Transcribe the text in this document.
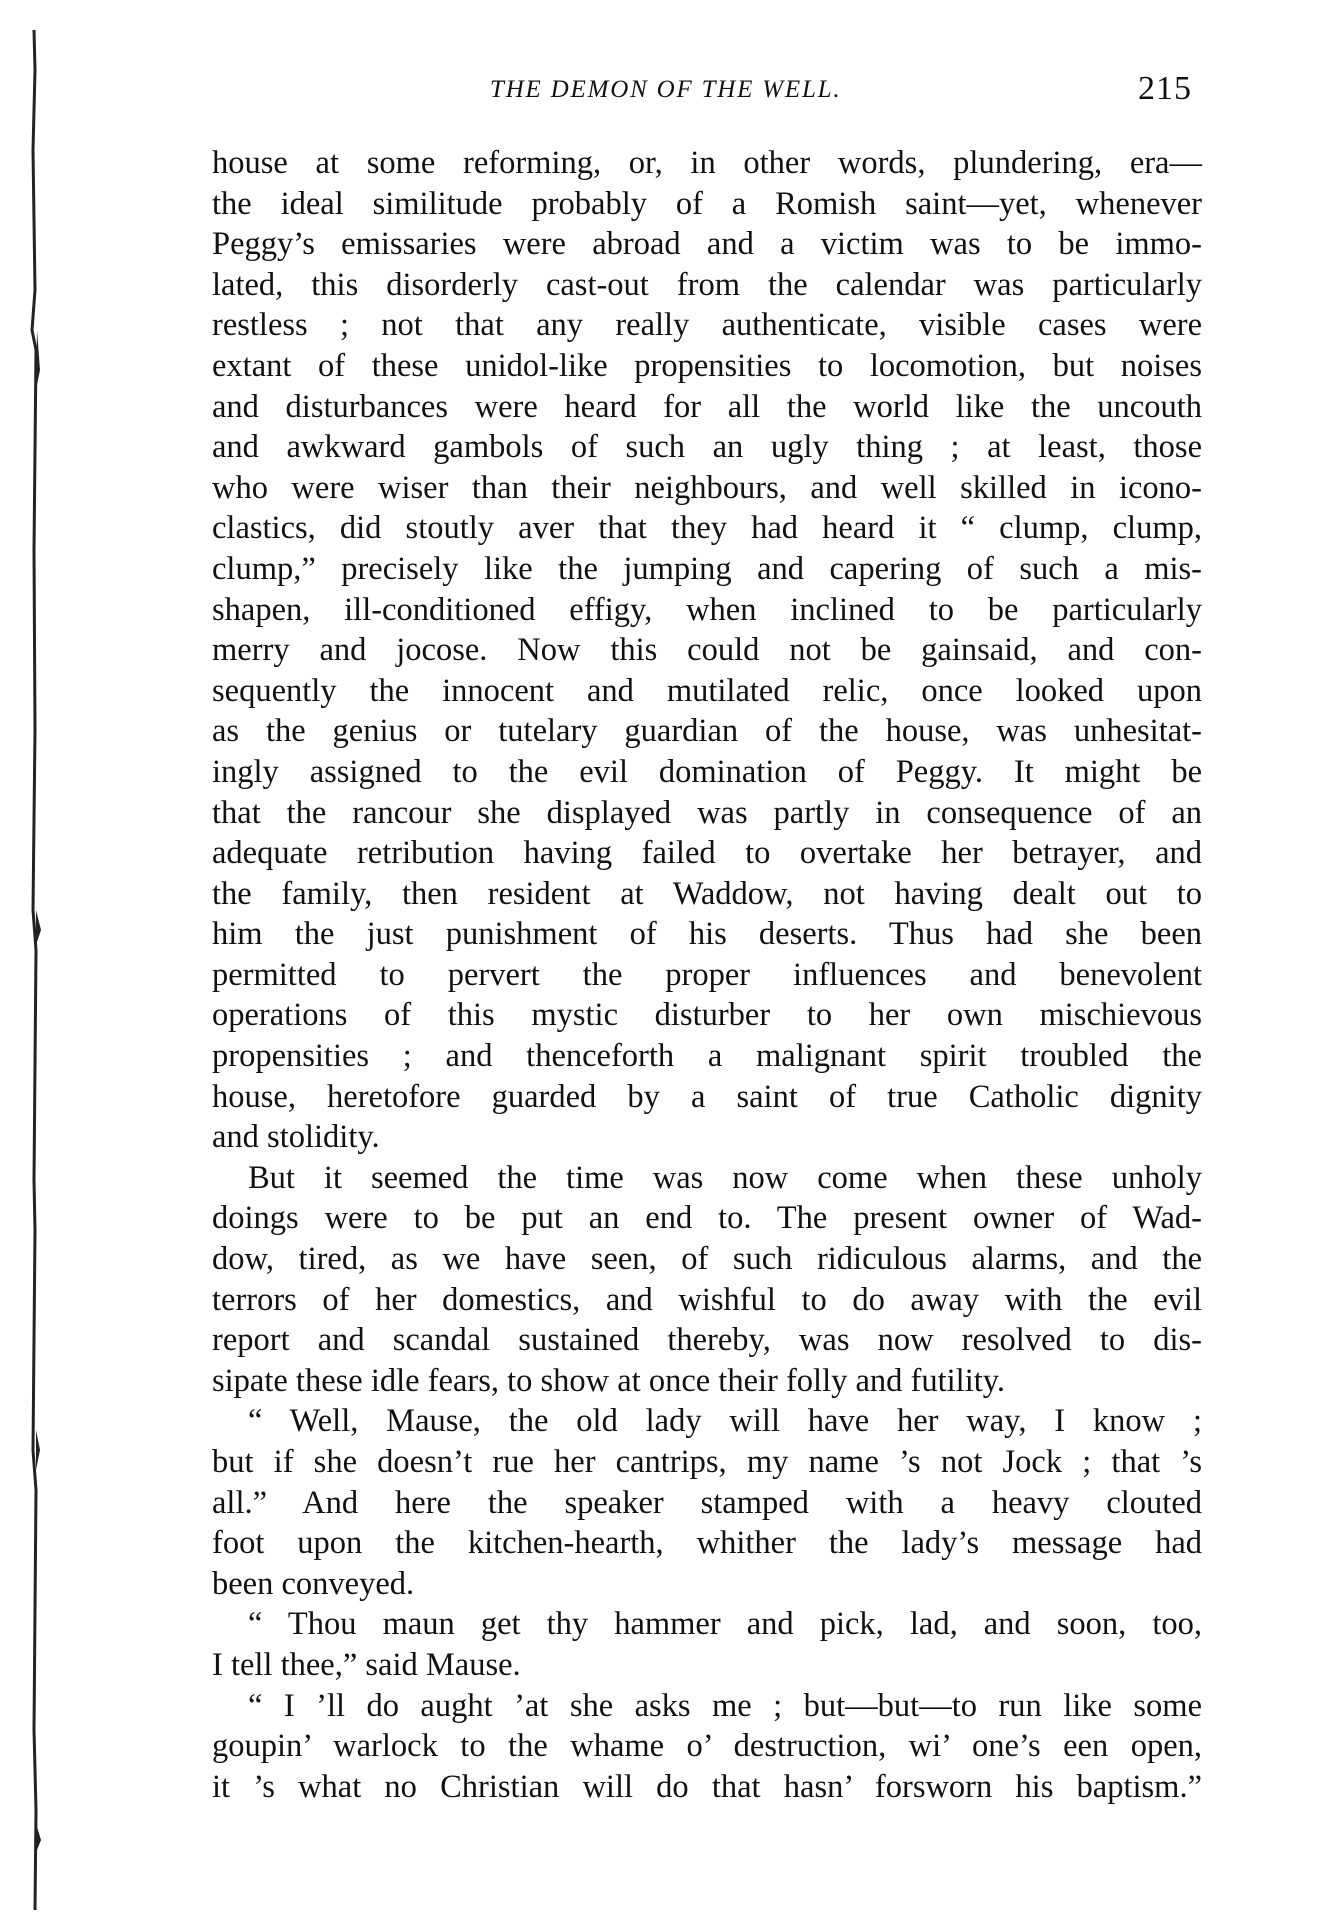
THE DEMON OF THE WELL.	215
house at some reforming, or, in other words, plundering, era—
the ideal similitude probably of a Romish saint—yet, whenever
Peggy’s emissaries were abroad and a victim was to be immo-
lated, this disorderly cast-out from the calendar was particularly
restless ; not that any really authenticate, visible cases were
extant of these unidol-like propensities to locomotion, but noises
and disturbances were heard for all the world like the uncouth
and awkward gambols of such an ugly thing ; at least, those
who were wiser than their neighbours, and well skilled in icono-
clastics, did stoutly aver that they had heard it “ clump, clump,
clump,” precisely like the jumping and capering of such a mis-
shapen, ill-conditioned effigy, when inclined to be particularly
merry and jocose. Now this could not be gainsaid, and con-
sequently the innocent and mutilated relic, once looked upon
as the genius or tutelary guardian of the house, was unhesitat-
ingly assigned to the evil domination of Peggy. It might be
that the rancour she displayed was partly in consequence of an
adequate retribution having failed to overtake her betrayer, and
the family, then resident at Waddow, not having dealt out to
him the just punishment of his deserts. Thus had she been
permitted to pervert the proper influences and benevolent
operations of this mystic disturber to her own mischievous
propensities ; and thenceforth a malignant spirit troubled the
house, heretofore guarded by a saint of true Catholic dignity
and stolidity.
But it seemed the time was now come when these unholy
doings were to be put an end to. The present owner of Wad-
dow, tired, as we have seen, of such ridiculous alarms, and the
terrors of her domestics, and wishful to do away with the evil
report and scandal sustained thereby, was now resolved to dis-
sipate these idle fears, to show at once their folly and futility.
“ Well, Mause, the old lady will have her way, I know ;
but if she doesn’t rue her cantrips, my name ’s not Jock ; that ’s
all.” And here the speaker stamped with a heavy clouted
foot upon the kitchen-hearth, whither the lady’s message had
been conveyed.
“ Thou maun get thy hammer and pick, lad, and soon, too,
I tell thee,” said Mause.
“ I ’ll do aught ’at she asks me ; but—but—to run like some
goupin’ warlock to the whame o’ destruction, wi’ one’s een open,
it ’s what no Christian will do that hasn’ forsworn his baptism.”
